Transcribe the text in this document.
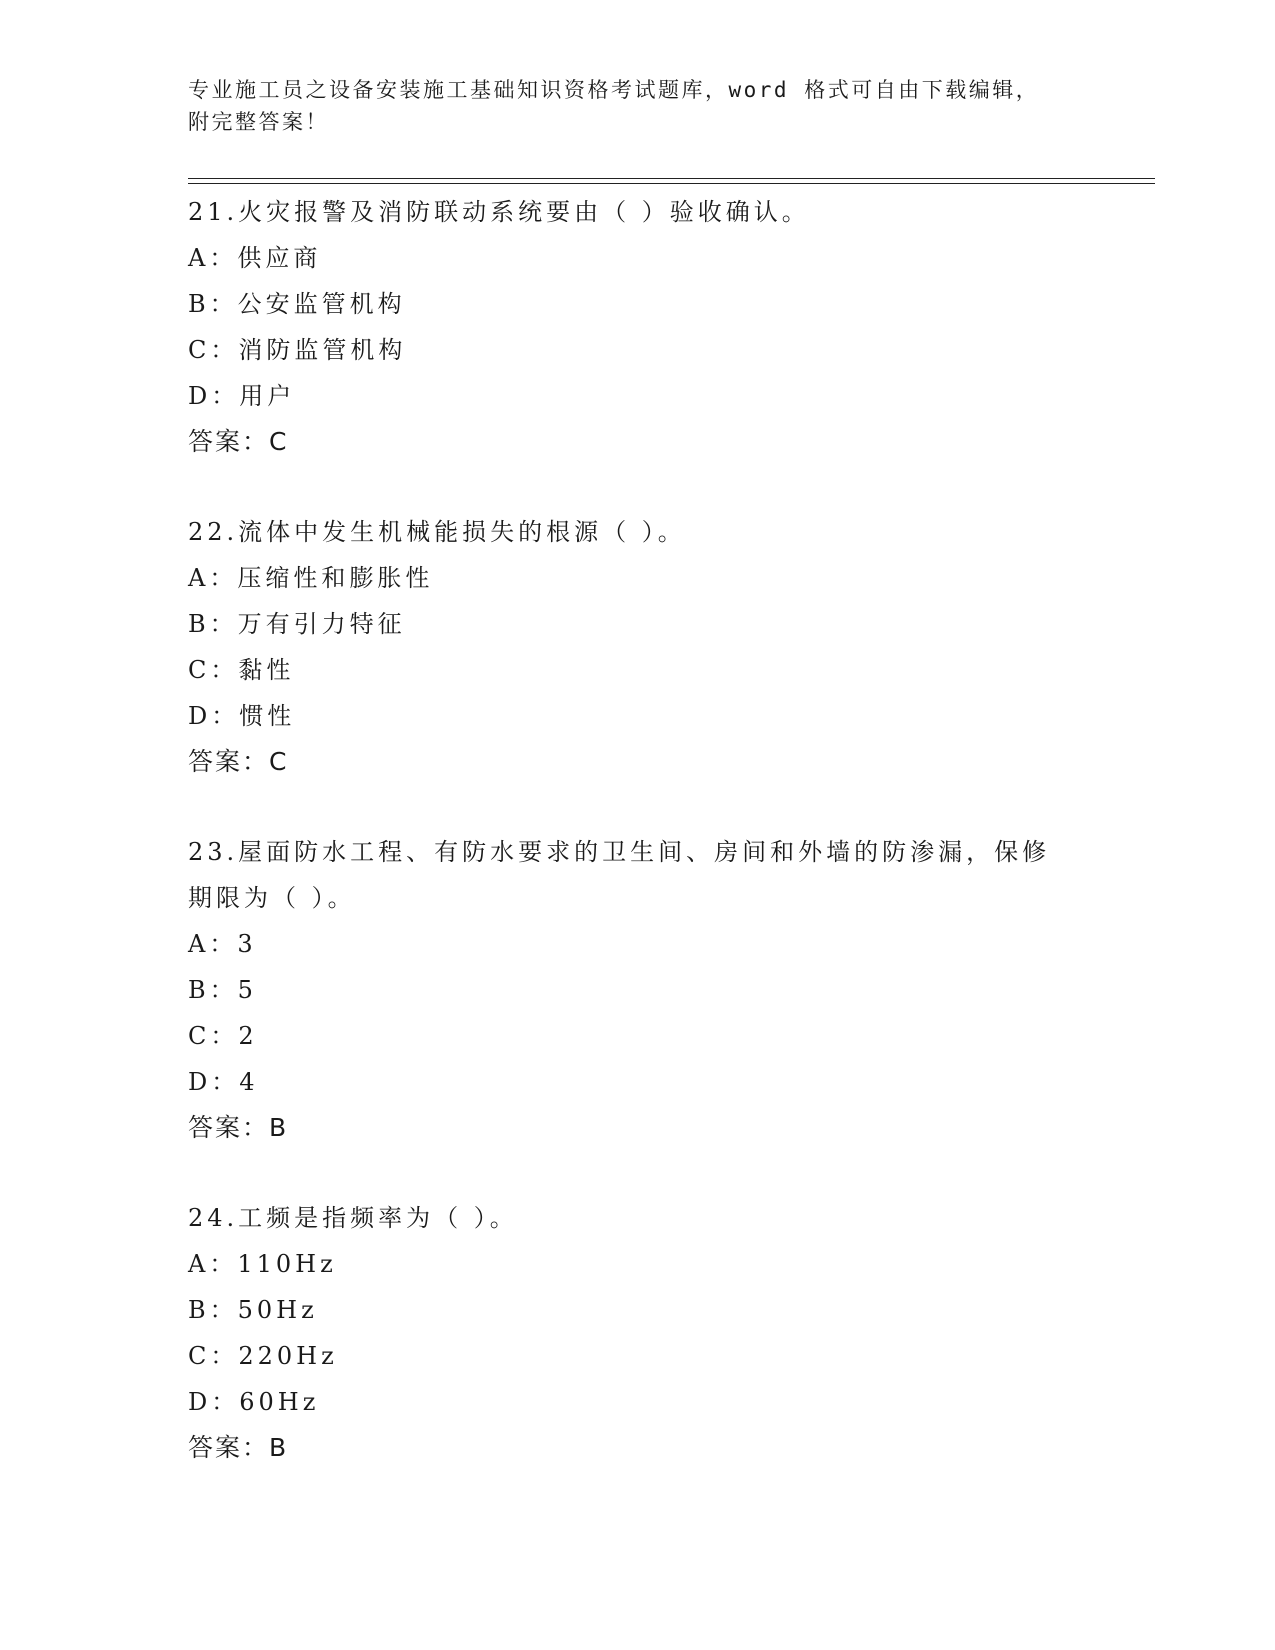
专业施工员之设备安装施工基础知识资格考试题库，word 格式可自由下载编辑，
附完整答案！

21.火灾报警及消防联动系统要由（ ）验收确认。

A：供应商

B：公安监管机构

C：消防监管机构

D：用户

答案：C

22.流体中发生机械能损失的根源（ ）。

A：压缩性和膨胀性

B：万有引力特征

C：黏性

D：惯性

答案：C

23.屋面防水工程、有防水要求的卫生间、房间和外墙的防渗漏，保修

期限为（ ）。

A：3

B：5

C：2

D：4

答案：B

24.工频是指频率为（ ）。

A：110Hz

B：50Hz

C：220Hz

D：60Hz

答案：B
